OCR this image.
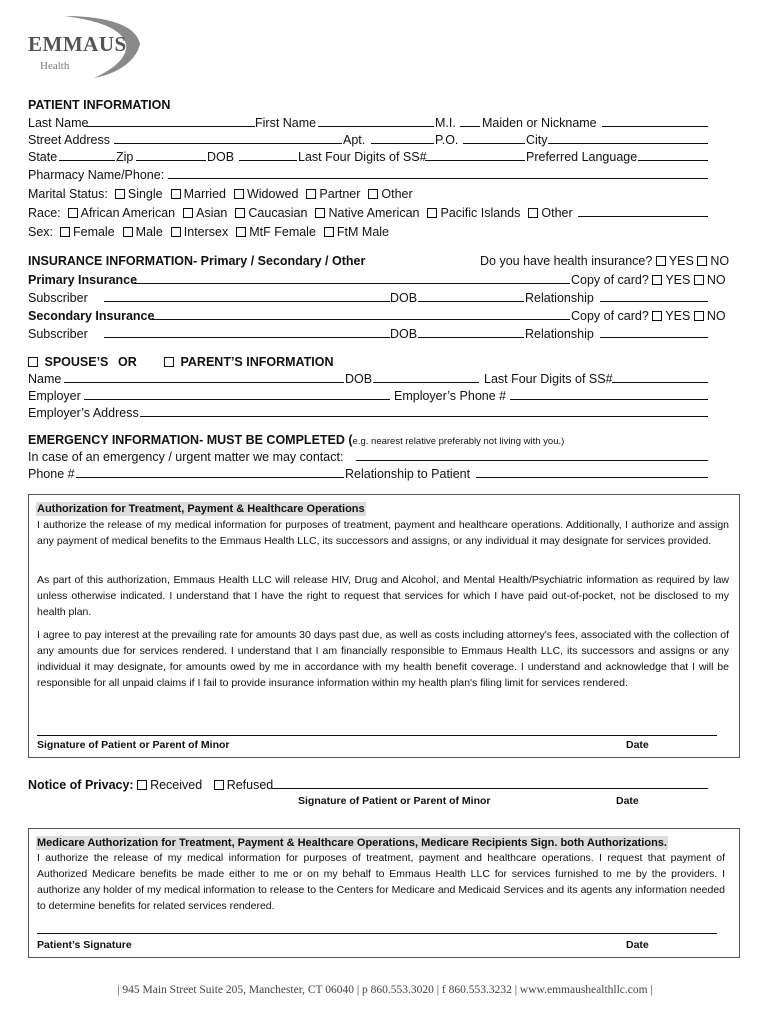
EMMAUS
Health
PATIENT INFORMATION
Last Name	First Name	M.I. Maiden or Nickname
Street Address	Apt.	P.O.	City
State	Zip	DOB	Last Four Digits of SS#	Preferred Language
Pharmacy Name/Phone:
Marital Status: Single Married Widowed Partner Other
Race: African American Asian Caucasian Native American Pacific Islands Other
Sex: Female Male Intersex MtF Female FtM Male
INSURANCE INFORMATION- Primary / Secondary / Other	Do you have health insurance? YES NO
Primary Insurance	Copy of card? YES NO
Subscriber	DOB	Relationship
Secondary Insurance	Copy of card? YES NO
Subscriber	DOB	Relationship
SPOUSE’S OR	PARENT’S INFORMATION
Name	DOB	Last Four Digits of SS#
Employer	Employer’s Phone #
Employer’s Address
EMERGENCY INFORMATION- MUST BE COMPLETED (e.g. nearest relative preferably not living with you.)
In case of an emergency / urgent matter we may contact:
Phone #	Relationship to Patient
Authorization for Treatment, Payment & Healthcare Operations

I authorize the release of my medical information for purposes of treatment, payment and healthcare operations. Additionally, I authorize and assign any payment of medical benefits to the Emmaus Health LLC, its successors and assigns, or any individual it may designate for services provided.

As part of this authorization, Emmaus Health LLC will release HIV, Drug and Alcohol, and Mental Health/Psychiatric information as required by law unless otherwise indicated. I understand that I have the right to request that services for which I have paid out-of-pocket, not be disclosed to my health plan.

I agree to pay interest at the prevailing rate for amounts 30 days past due, as well as costs including attorney's fees, associated with the collection of any amounts due for services rendered. I understand that I am financially responsible to Emmaus Health LLC, its successors and assigns or any individual it may designate, for amounts owed by me in accordance with my health benefit coverage. I understand and acknowledge that I will be responsible for all unpaid claims if I fail to provide insurance information within my health plan's filing limit for services rendered.

Signature of Patient or Parent of Minor	Date
Notice of Privacy: Received Refused
Signature of Patient or Parent of Minor	Date
Medicare Authorization for Treatment, Payment & Healthcare Operations, Medicare Recipients Sign. both Authorizations.

I authorize the release of my medical information for purposes of treatment, payment and healthcare operations. I request that payment of Authorized Medicare benefits be made either to me or on my behalf to Emmaus Health LLC for services furnished to me by the providers. I authorize any holder of my medical information to release to the Centers for Medicare and Medicaid Services and its agents any information needed to determine benefits for related services rendered.

Patient’s Signature	Date
| 945 Main Street Suite 205, Manchester, CT 06040 | p 860.553.3020 | f 860.553.3232 | www.emmaushealthllc.com |
